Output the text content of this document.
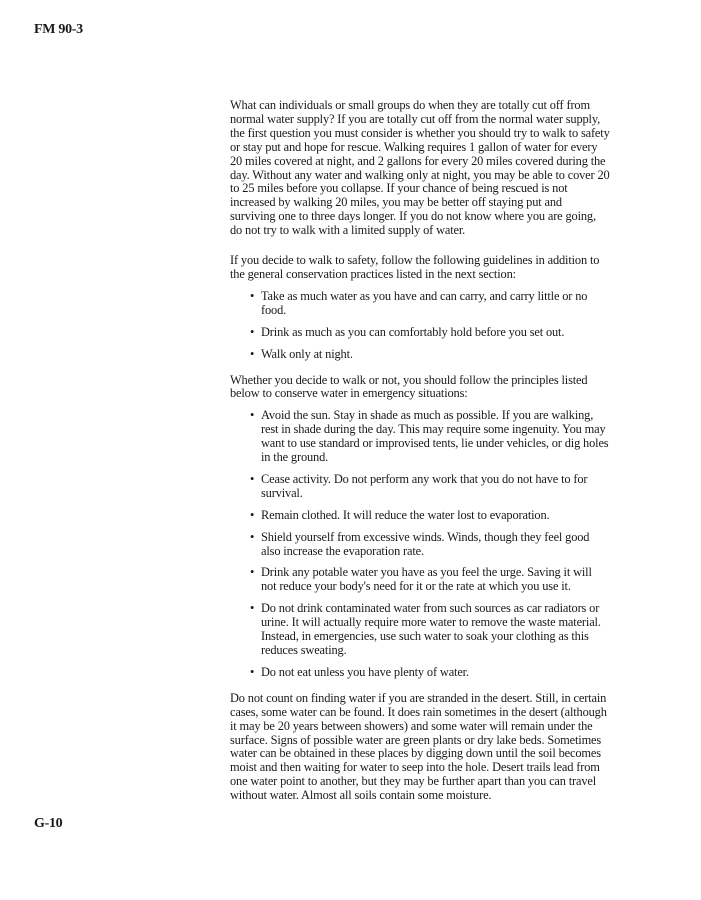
FM 90-3

What can individuals or small groups do when they are totally cut off from normal water supply? If you are totally cut off from the normal water supply, the first question you must consider is whether you should try to walk to safety or stay put and hope for rescue. Walking requires 1 gallon of water for every 20 miles covered at night, and 2 gallons for every 20 miles covered during the day. Without any water and walking only at night, you may be able to cover 20 to 25 miles before you collapse. If your chance of being rescued is not increased by walking 20 miles, you may be better off staying put and surviving one to three days longer. If you do not know where you are going, do not try to walk with a limited supply of water.

If you decide to walk to safety, follow the following guidelines in addition to the general conservation practices listed in the next section:

• Take as much water as you have and can carry, and carry little or no food.
• Drink as much as you can comfortably hold before you set out.
• Walk only at night.

Whether you decide to walk or not, you should follow the principles listed below to conserve water in emergency situations:

• Avoid the sun. Stay in shade as much as possible. If you are walking, rest in shade during the day. This may require some ingenuity. You may want to use standard or improvised tents, lie under vehicles, or dig holes in the ground.
• Cease activity. Do not perform any work that you do not have to for survival.
• Remain clothed. It will reduce the water lost to evaporation.
• Shield yourself from excessive winds. Winds, though they feel good also increase the evaporation rate.
• Drink any potable water you have as you feel the urge. Saving it will not reduce your body's need for it or the rate at which you use it.
• Do not drink contaminated water from such sources as car radiators or urine. It will actually require more water to remove the waste material. Instead, in emergencies, use such water to soak your clothing as this reduces sweating.
• Do not eat unless you have plenty of water.

Do not count on finding water if you are stranded in the desert. Still, in certain cases, some water can be found. It does rain sometimes in the desert (although it may be 20 years between showers) and some water will remain under the surface. Signs of possible water are green plants or dry lake beds. Sometimes water can be obtained in these places by digging down until the soil becomes moist and then waiting for water to seep into the hole. Desert trails lead from one water point to another, but they may be further apart than you can travel without water. Almost all soils contain some moisture.

G-10
